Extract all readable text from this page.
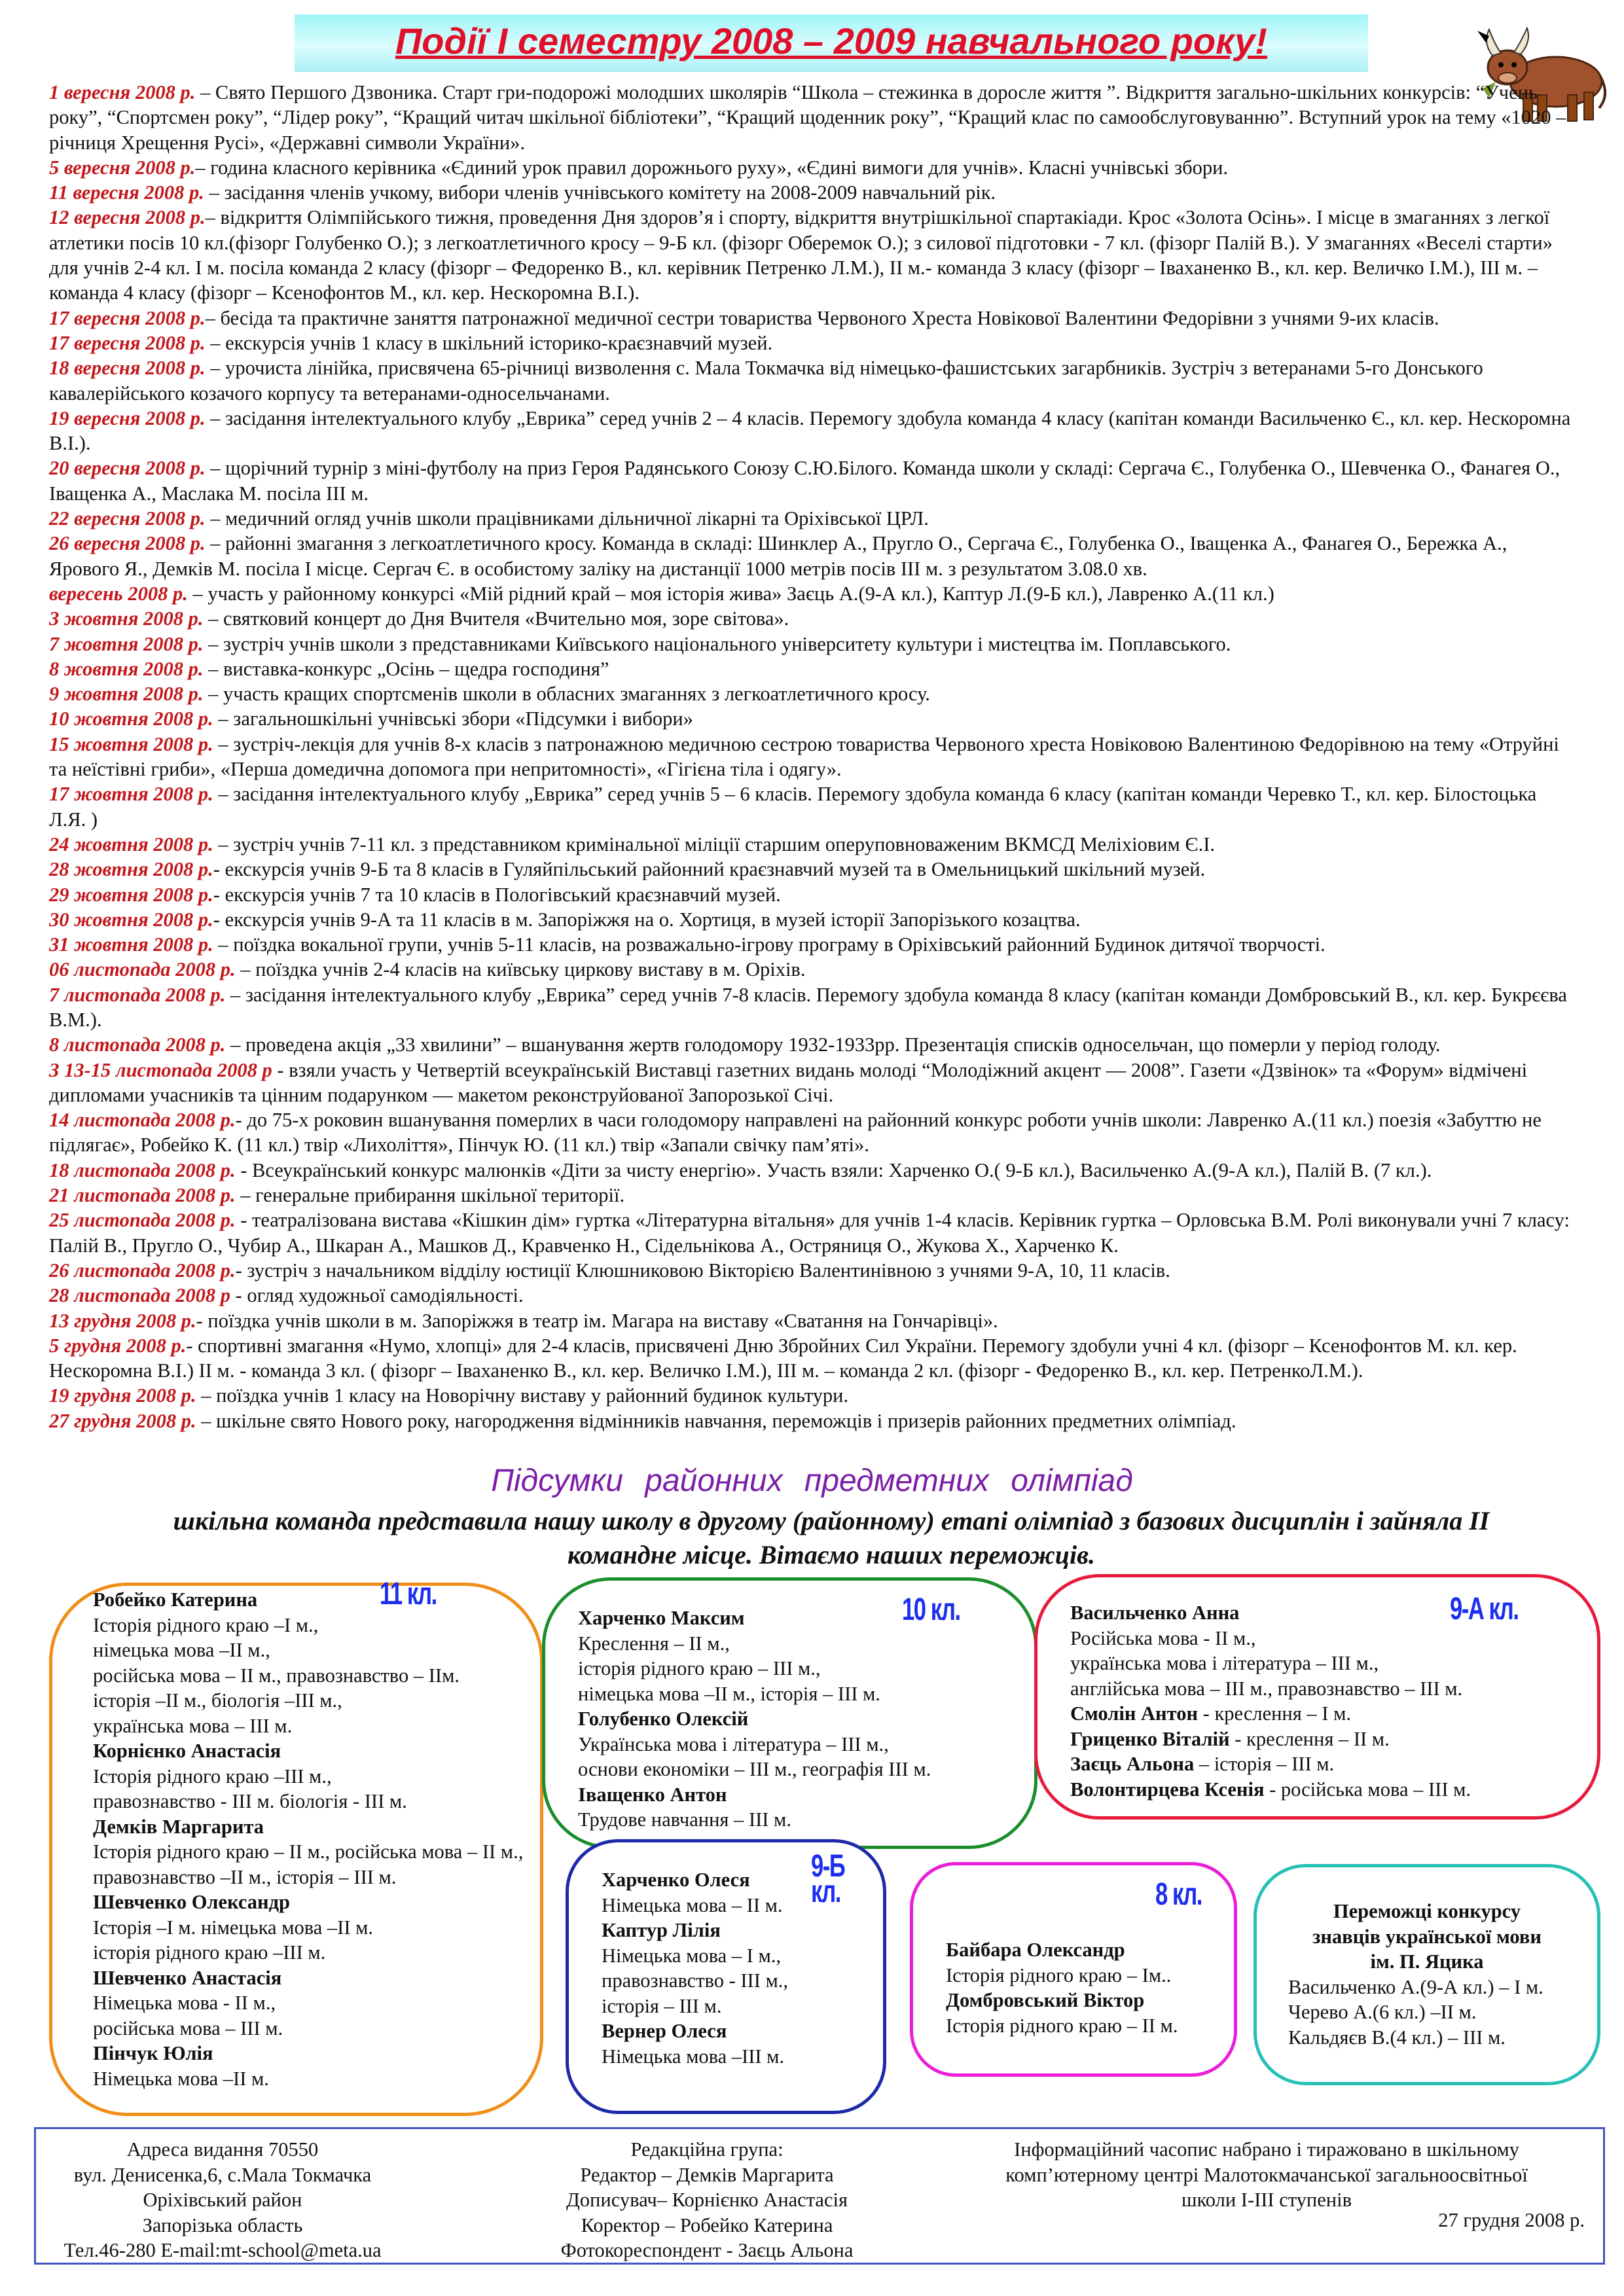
Події І семестру 2008 – 2009 навчального року!

1 вересня 2008 р. – Свято Першого Дзвоника. Старт гри-подорожі молодших школярів “Школа – стежинка в доросле життя ”. Відкриття загально-шкільних конкурсів: “Учень року”, “Спортсмен року”, “Лідер року”, “Кращий читач шкільної бібліотеки”, “Кращий щоденник року”, “Кращий клас по самообслуговуванню”. Вступний урок на тему «1020 –річниця Хрещення Русі», «Державні символи України».

5 вересня 2008 р.– година класного керівника «Єдиний урок правил дорожнього руху», «Єдині вимоги для учнів». Класні учнівські збори.

11 вересня 2008 р. – засідання членів учкому, вибори членів учнівського комітету на 2008-2009 навчальний рік.

12 вересня 2008 р.– відкриття Олімпійського тижня, проведення Дня здоров’я і спорту, відкриття внутрішкільної спартакіади. Крос «Золота Осінь». І місце в змаганнях з легкої атлетики посів 10 кл.(фізорг Голубенко О.); з легкоатлетичного кросу – 9-Б кл. (фізорг Оберемок О.); з силової підготовки - 7 кл. (фізорг Палій В.). У змаганнях «Веселі старти» для учнів 2-4 кл. І м. посіла команда 2 класу (фізорг – Федоренко В., кл. керівник Петренко Л.М.), ІІ м.- команда 3 класу (фізорг – Іваханенко В., кл. кер. Величко І.М.), ІІІ м. – команда 4 класу (фізорг – Ксенофонтов М., кл. кер. Нескоромна В.І.).

17 вересня 2008 р.– бесіда та практичне заняття патронажної медичної сестри товариства Червоного Хреста Новікової Валентини Федорівни з учнями 9-их класів.

17 вересня 2008 р. – екскурсія учнів 1 класу в шкільний історико-краєзнавчий музей.

18 вересня 2008 р. – урочиста лінійка, присвячена 65-річниці визволення с. Мала Токмачка від німецько-фашистських загарбників. Зустріч з ветеранами 5-го Донського кавалерійського козачого корпусу та ветеранами-односельчанами.

19 вересня 2008 р. – засідання інтелектуального клубу „Еврика” серед учнів 2 – 4 класів. Перемогу здобула команда 4 класу (капітан команди Васильченко Є., кл. кер. Нескоромна В.І.).

20 вересня 2008 р. – щорічний турнір з міні-футболу на приз Героя Радянського Союзу С.Ю.Білого. Команда школи у складі: Сергача Є., Голубенка О., Шевченка О., Фанагея О., Іващенка А., Маслака М. посіла ІІІ м.

22 вересня 2008 р. – медичний огляд учнів школи працівниками дільничної лікарні та Оріхівської ЦРЛ.

26 вересня 2008 р. – районні змагання з легкоатлетичного кросу. Команда в складі: Шинклер А., Пругло О., Сергача Є., Голубенка О., Іващенка А., Фанагея О., Бережка А., Ярового Я., Демків М. посіла І місце. Сергач Є. в особистому заліку на дистанції 1000 метрів посів ІІІ м. з результатом 3.08.0 хв.

вересень 2008 р. – участь у районному конкурсі «Мій рідний край – моя історія жива» Заєць А.(9-А кл.), Каптур Л.(9-Б кл.), Лавренко А.(11 кл.)

3 жовтня 2008 р. – святковий концерт до Дня Вчителя «Вчительно моя, зоре світова».

7 жовтня 2008 р. – зустріч учнів школи з представниками Київського національного університету культури і мистецтва ім. Поплавського.

8 жовтня 2008 р. – виставка-конкурс „Осінь – щедра господиня”

9 жовтня 2008 р. – участь кращих спортсменів школи в обласних змаганнях з легкоатлетичного кросу.

10 жовтня 2008 р. – загальношкільні учнівські збори «Підсумки і вибори»

15 жовтня 2008 р. – зустріч-лекція для учнів 8-х класів з патронажною медичною сестрою товариства Червоного хреста Новіковою Валентиною Федорівною на тему «Отруйні та неїстівні гриби», «Перша домедична допомога при непритомності», «Гігієна тіла і одягу».

17 жовтня 2008 р. – засідання інтелектуального клубу „Еврика” серед учнів 5 – 6 класів. Перемогу здобула команда 6 класу (капітан команди Черевко Т., кл. кер. Білостоцька Л.Я. )

24 жовтня 2008 р. – зустріч учнів 7-11 кл. з представником кримінальної міліції старшим оперуповноваженим ВКМСД Меліхіовим Є.І.

28 жовтня 2008 р.- екскурсія учнів 9-Б та 8 класів в Гуляйпільський районний краєзнавчий музей та в Омельницький шкільний музей.

29 жовтня 2008 р.- екскурсія учнів 7 та 10 класів в Пологівський краєзнавчий музей.

30 жовтня 2008 р.- екскурсія учнів 9-А та 11 класів в м. Запоріжжя на о. Хортиця, в музей історії Запорізького козацтва.

31 жовтня 2008 р. – поїздка вокальної групи, учнів 5-11 класів, на розважально-ігрову програму в Оріхівський районний Будинок дитячої творчості.

06 листопада 2008 р. – поїздка учнів 2-4 класів на київську циркову виставу в м. Оріхів.

7 листопада 2008 р. – засідання інтелектуального клубу „Еврика” серед учнів 7-8 класів. Перемогу здобула команда 8 класу (капітан команди Домбровський В., кл. кер. Букрєєва В.М.).

8 листопада 2008 р. – проведена акція „33 хвилини” – вшанування жертв голодомору 1932-1933рр. Презентація списків односельчан, що померли у період голоду.

З 13-15 листопада 2008 р - взяли участь у Четвертій всеукраїнській Виставці газетних видань молоді “Молодіжний акцент — 2008”. Газети «Дзвінок» та «Форум» відмічені дипломами учасників та цінним подарунком — макетом реконструйованої Запорозької Січі.

14 листопада 2008 р.- до 75-х роковин вшанування померлих в часи голодомору направлені на районний конкурс роботи учнів школи: Лавренко А.(11 кл.) поезія «Забуттю не підлягає», Робейко К. (11 кл.) твір «Лихоліття», Пінчук Ю. (11 кл.) твір «Запали свічку пам’яті».

18 листопада 2008 р. - Всеукраїнський конкурс малюнків «Діти за чисту енергію». Участь взяли: Харченко О.( 9-Б кл.), Васильченко А.(9-А кл.), Палій В. (7 кл.).

21 листопада 2008 р. – генеральне прибирання шкільної території.

25 листопада 2008 р. - театралізована вистава «Кішкин дім» гуртка «Літературна вітальня» для учнів 1-4 класів. Керівник гуртка – Орловська В.М. Ролі виконували учні 7 класу: Палій В., Пругло О., Чубир А., Шкаран А., Машков Д., Кравченко Н., Сідельнікова А., Остряниця О., Жукова Х., Харченко К.

26 листопада 2008 р.- зустріч з начальником відділу юстиції Клюшниковою Вікторією Валентинівною з учнями 9-А, 10, 11 класів.

28 листопада 2008 р - огляд художньої самодіяльності.

13 грудня 2008 р.- поїздка учнів школи в м. Запоріжжя в театр ім. Магара на виставу «Сватання на Гончарівці».

5 грудня 2008 р.- спортивні змагання «Нумо, хлопці» для 2-4 класів, присвячені Дню Збройних Сил України. Перемогу здобули учні 4 кл. (фізорг – Ксенофонтов М. кл. кер. Нескоромна В.І.) ІІ м. - команда 3 кл. ( фізорг – Іваханенко В., кл. кер. Величко І.М.), ІІІ м. – команда 2 кл. (фізорг - Федоренко В., кл. кер. ПетренкоЛ.М.).

19 грудня 2008 р. – поїздка учнів 1 класу на Новорічну виставу у районний будинок культури.

27 грудня 2008 р. – шкільне свято Нового року, нагородження відмінників навчання, переможців і призерів районних предметних олімпіад.

Підсумки районних предметних олімпіад
шкільна команда представила нашу школу в другому (районному) етапі олімпіад з базових дисциплін і зайняла ІІ командне місце. Вітаємо наших переможців.
11 кл.

Робейко Катерина

Історія рідного краю –І м.,

німецька мова –ІІ м.,

російська мова – ІІ м., правознавство – ІІм.

історія –ІІ м., біологія –ІІІ м.,

українська мова – ІІІ м.

Корнієнко Анастасія

Історія рідного краю –ІІІ м.,

правознавство - ІІІ м. біологія - ІІІ м.

Демків Маргарита

Історія рідного краю – ІІ м., російська мова – ІІ м., правознавство –ІІ м., історія – ІІІ м.

Шевченко Олександр

Історія –І м. німецька мова –ІІ м.

історія рідного краю –ІІІ м.

Шевченко Анастасія

Німецька мова - ІІ м.,

російська мова – ІІІ м.

Пінчук Юлія

Німецька мова –ІІ м.

10 кл.

Харченко Максим

Креслення – ІІ м.,

історія рідного краю – ІІІ м.,

німецька мова –ІІ м., історія – ІІІ м.

Голубенко Олексій

Українська мова і література – ІІІ м.,

основи економіки – ІІІ м., географія ІІІ м.

Іващенко Антон

Трудове навчання – ІІІ м.

9-А кл.

Васильченко Анна

Російська мова - ІІ м.,

українська мова і література – ІІІ м.,

англійська мова – ІІІ м., правознавство – ІІІ м.

Смолін Антон - креслення – І м.

Гриценко Віталій - креслення – ІІ м.

Заєць Альона – історія – ІІІ м.

Волонтирцева Ксенія - російська мова – ІІІ м.

9-Б кл.

Харченко Олеся

Німецька мова – ІІ м.

Каптур Лілія

Німецька мова – І м.,

правознавство - ІІІ м.,

історія – ІІІ м.

Вернер Олеся

Німецька мова –ІІІ м.

8 кл.

Байбара Олександр

Історія рідного краю – Ім..

Домбровський Віктор

Історія рідного краю – ІІ м.

Переможці конкурсу

знавців української мови

ім. П. Яцика

Васильченко А.(9-А кл.) – І м.

Черево А.(6 кл.) –ІІ м.

Кальдяєв В.(4 кл.) – ІІІ м.

Адреса видання 70550

вул. Денисенка,6, с.Мала Токмачка

Оріхівський район

Запорізька область

Тел.46-280 E-mail:mt-school@meta.ua

Редакційна група:

Редактор – Демків Маргарита

Дописувач– Корнієнко Анастасія

Коректор – Робейко Катерина

Фотокореспондент - Заєць Альона

Інформаційний часопис набрано і тиражовано в шкільному

комп’ютерному центрі Малотокмачанської загальноосвітньої

школи І-ІІІ ступенів

27 грудня 2008 р.
